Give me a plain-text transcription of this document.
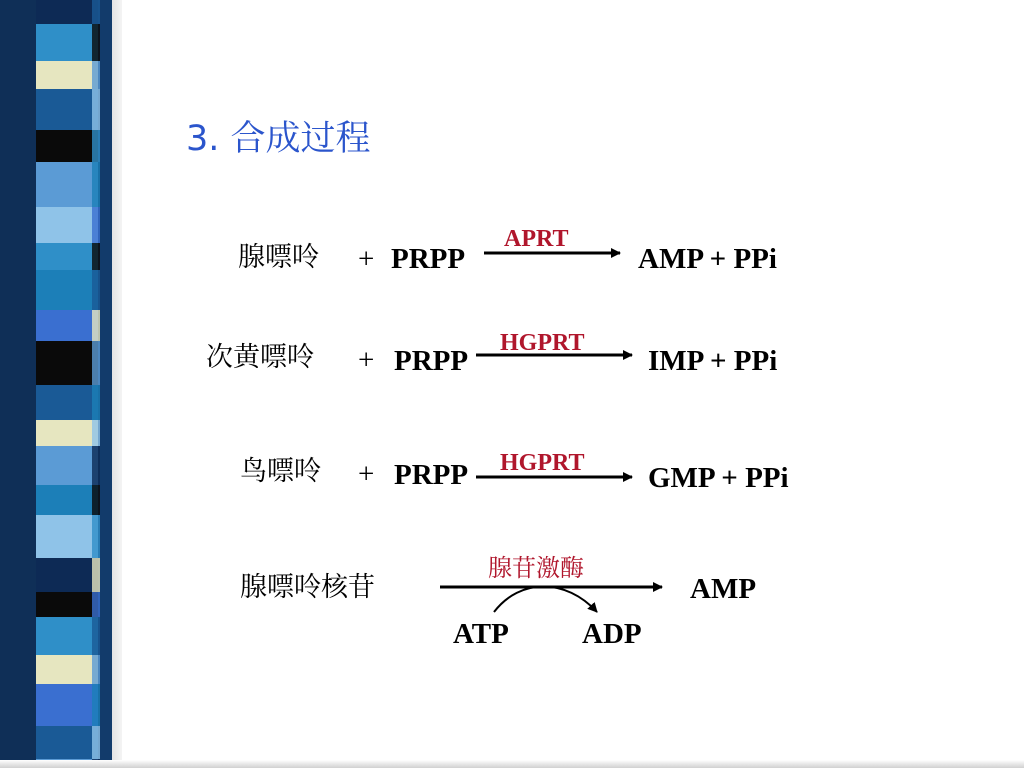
3. 合成过程
腺嘌呤 + PRPP
APRT
AMP + PPi
次黄嘌呤 + PRPP
HGPRT
IMP + PPi
鸟嘌呤 + PRPP HGPRT GMP + PPi
腺嘌呤核苷
腺苷激酶
AMP
ATP	ADP
